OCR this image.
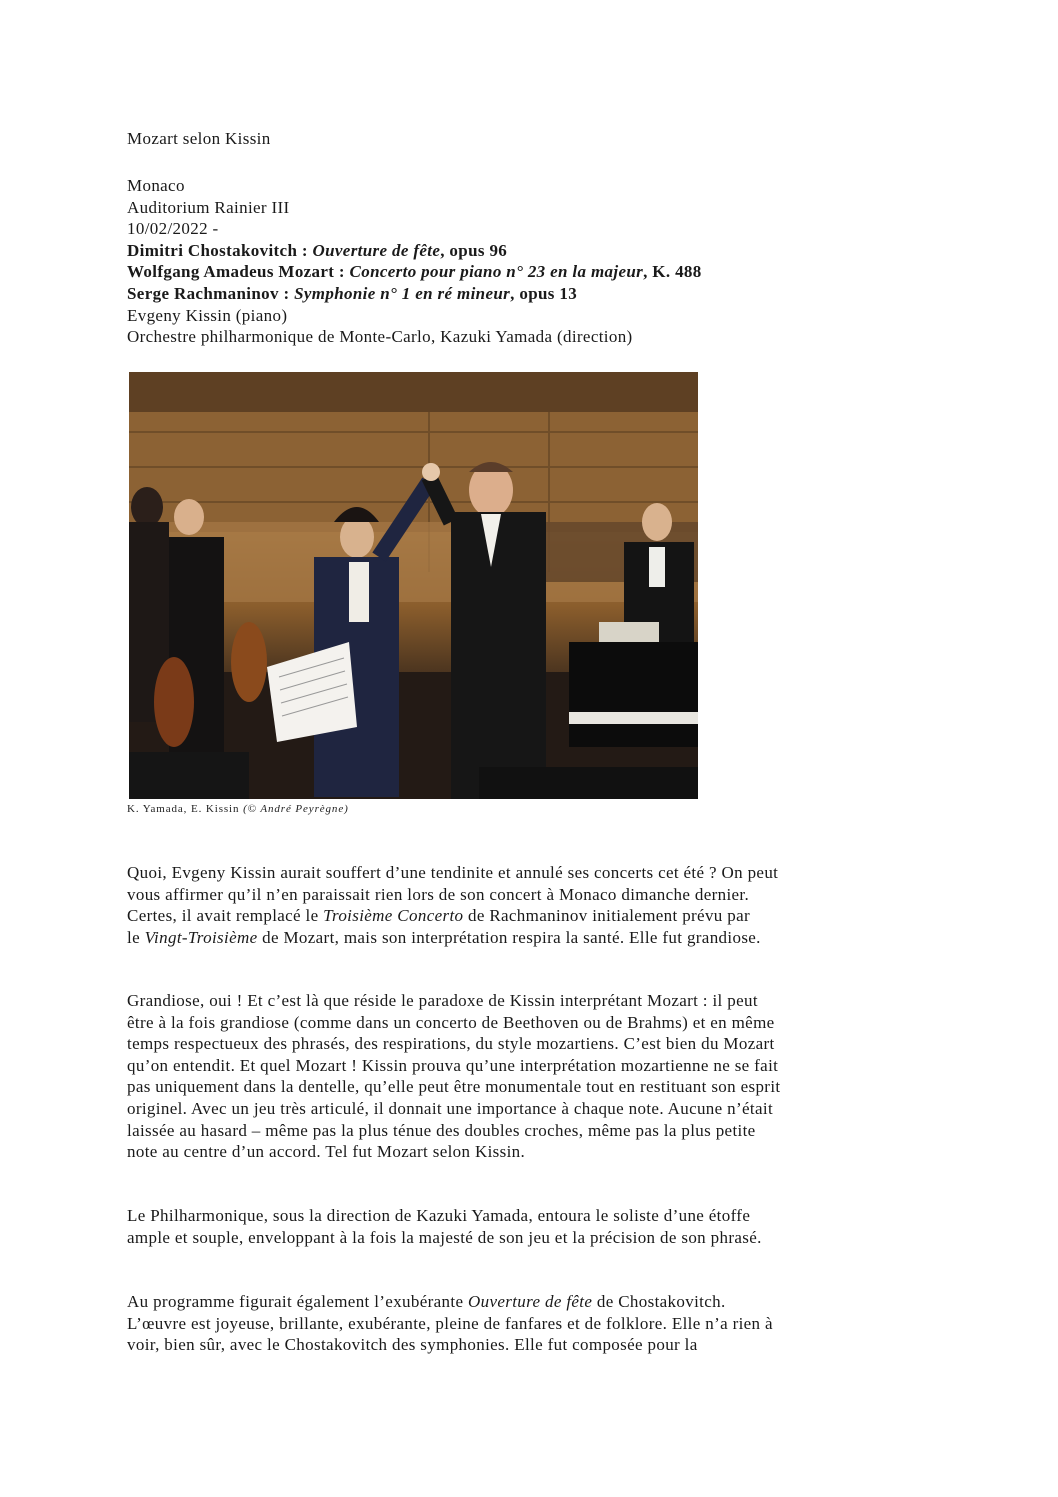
Mozart selon Kissin
Monaco
Auditorium Rainier III
10/02/2022 -
Dimitri Chostakovitch : Ouverture de fête, opus 96
Wolfgang Amadeus Mozart : Concerto pour piano n° 23 en la majeur, K. 488
Serge Rachmaninov : Symphonie n° 1 en ré mineur, opus 13
Evgeny Kissin (piano)
Orchestre philharmonique de Monte-Carlo, Kazuki Yamada (direction)
K. Yamada, E. Kissin (© André Peyrègne)
Quoi, Evgeny Kissin aurait souffert d’une tendinite et annulé ses concerts cet été ? On peut
vous affirmer qu’il n’en paraissait rien lors de son concert à Monaco dimanche dernier.
Certes, il avait remplacé le Troisième Concerto de Rachmaninov initialement prévu par
le Vingt-Troisième de Mozart, mais son interprétation respira la santé. Elle fut grandiose.
Grandiose, oui ! Et c’est là que réside le paradoxe de Kissin interprétant Mozart : il peut
être à la fois grandiose (comme dans un concerto de Beethoven ou de Brahms) et en même
temps respectueux des phrasés, des respirations, du style mozartiens. C’est bien du Mozart
qu’on entendit. Et quel Mozart ! Kissin prouva qu’une interprétation mozartienne ne se fait
pas uniquement dans la dentelle, qu’elle peut être monumentale tout en restituant son esprit
originel. Avec un jeu très articulé, il donnait une importance à chaque note. Aucune n’était
laissée au hasard – même pas la plus ténue des doubles croches, même pas la plus petite
note au centre d’un accord. Tel fut Mozart selon Kissin.
Le Philharmonique, sous la direction de Kazuki Yamada, entoura le soliste d’une étoffe
ample et souple, enveloppant à la fois la majesté de son jeu et la précision de son phrasé.
Au programme figurait également l’exubérante Ouverture de fête de Chostakovitch.
L’œuvre est joyeuse, brillante, exubérante, pleine de fanfares et de folklore. Elle n’a rien à
voir, bien sûr, avec le Chostakovitch des symphonies. Elle fut composée pour la
